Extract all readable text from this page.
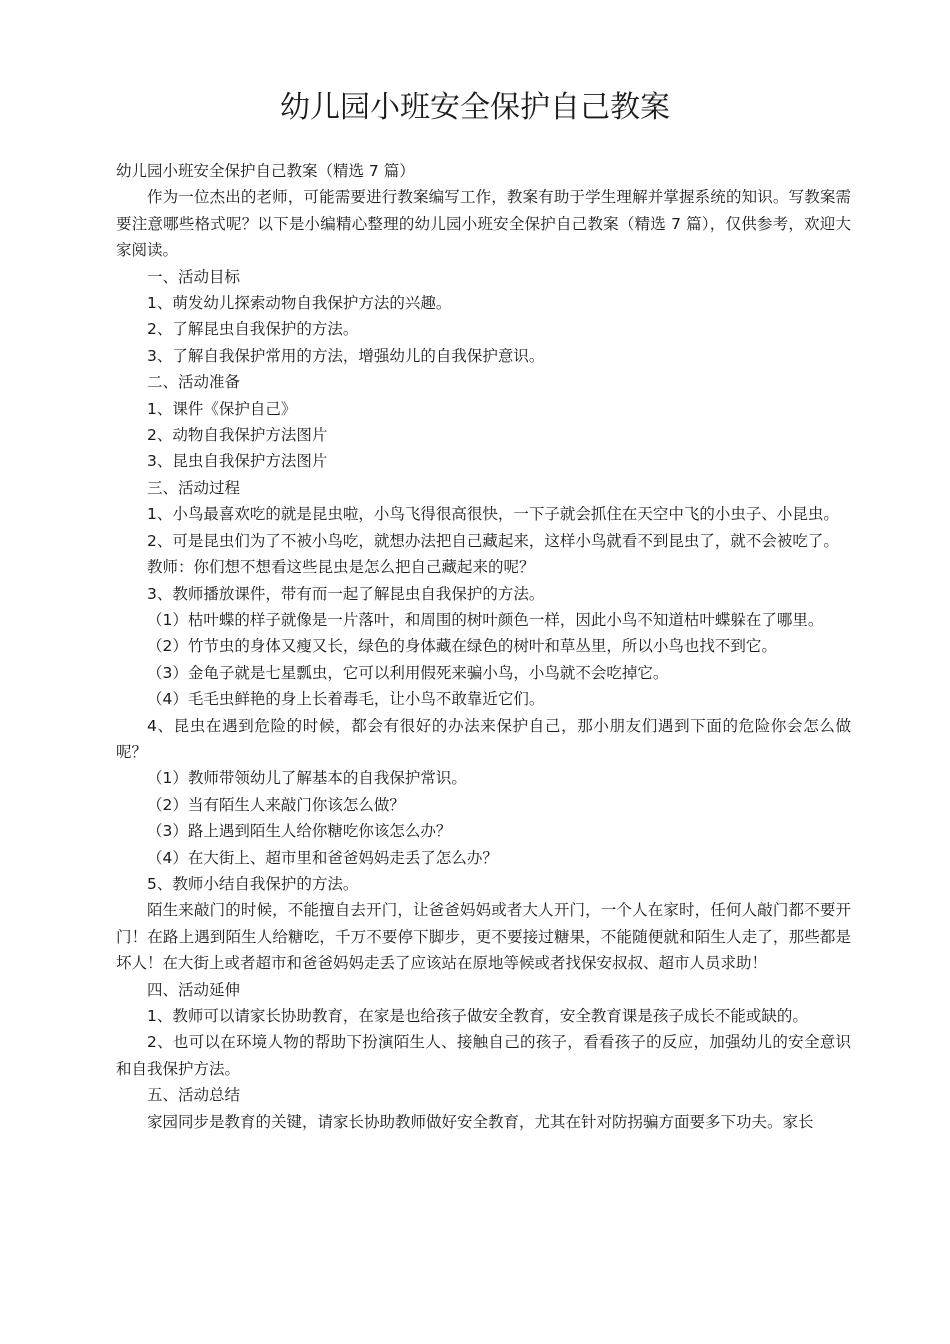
幼儿园小班安全保护自己教案

幼儿园小班安全保护自己教案（精选 7 篇）

作为一位杰出的老师，可能需要进行教案编写工作，教案有助于学生理解并掌握系统的知识。写教案需要注意哪些格式呢？以下是小编精心整理的幼儿园小班安全保护自己教案（精选 7 篇），仅供参考，欢迎大家阅读。

一、活动目标

1、萌发幼儿探索动物自我保护方法的兴趣。

2、了解昆虫自我保护的方法。

3、了解自我保护常用的方法，增强幼儿的自我保护意识。

二、活动准备

1、课件《保护自己》

2、动物自我保护方法图片

3、昆虫自我保护方法图片

三、活动过程

1、小鸟最喜欢吃的就是昆虫啦，小鸟飞得很高很快，一下子就会抓住在天空中飞的小虫子、小昆虫。

2、可是昆虫们为了不被小鸟吃，就想办法把自己藏起来，这样小鸟就看不到昆虫了，就不会被吃了。

教师：你们想不想看这些昆虫是怎么把自己藏起来的呢？

3、教师播放课件，带有而一起了解昆虫自我保护的方法。

（1）枯叶蝶的样子就像是一片落叶，和周围的树叶颜色一样，因此小鸟不知道枯叶蝶躲在了哪里。

（2）竹节虫的身体又瘦又长，绿色的身体藏在绿色的树叶和草丛里，所以小鸟也找不到它。

（3）金龟子就是七星瓢虫，它可以利用假死来骗小鸟，小鸟就不会吃掉它。

（4）毛毛虫鲜艳的身上长着毒毛，让小鸟不敢靠近它们。

4、昆虫在遇到危险的时候，都会有很好的办法来保护自己，那小朋友们遇到下面的危险你会怎么做呢？

（1）教师带领幼儿了解基本的自我保护常识。

（2）当有陌生人来敲门你该怎么做？

（3）路上遇到陌生人给你糖吃你该怎么办？

（4）在大街上、超市里和爸爸妈妈走丢了怎么办？

5、教师小结自我保护的方法。

陌生来敲门的时候，不能擅自去开门，让爸爸妈妈或者大人开门，一个人在家时，任何人敲门都不要开门！在路上遇到陌生人给糖吃，千万不要停下脚步，更不要接过糖果，不能随便就和陌生人走了，那些都是坏人！在大街上或者超市和爸爸妈妈走丢了应该站在原地等候或者找保安叔叔、超市人员求助！

四、活动延伸

1、教师可以请家长协助教育，在家是也给孩子做安全教育，安全教育课是孩子成长不能或缺的。

2、也可以在环境人物的帮助下扮演陌生人、接触自己的孩子，看看孩子的反应，加强幼儿的安全意识和自我保护方法。

五、活动总结

家园同步是教育的关键，请家长协助教师做好安全教育，尤其在针对防拐骗方面要多下功夫。家长
